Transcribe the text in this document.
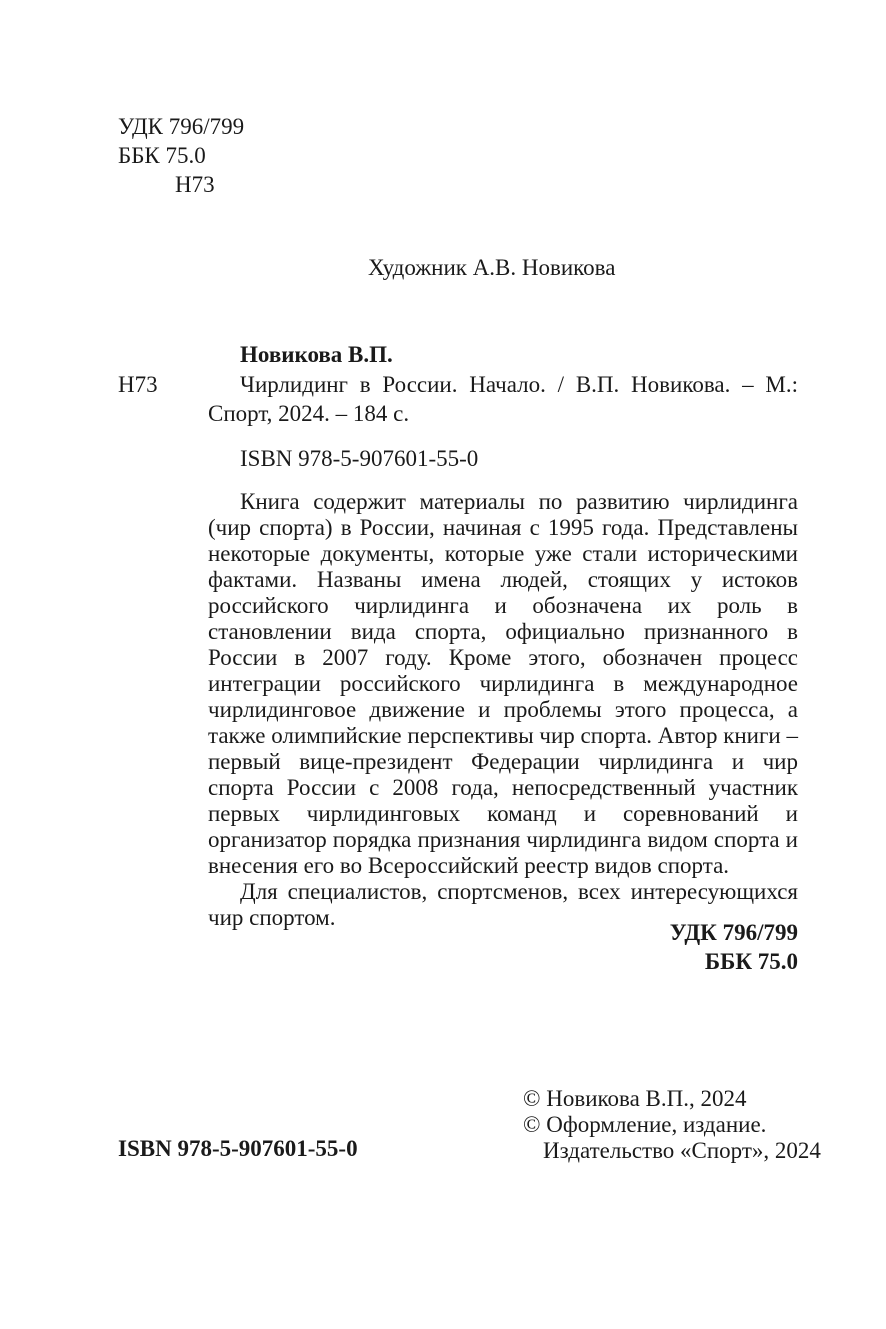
УДК 796/799
ББК 75.0
Н73
Художник А.В. Новикова
Новикова В.П.
Н73	Чирлидинг в России. Начало. / В.П. Новикова. – М.: Спорт, 2024. – 184 с.

ISBN 978-5-907601-55-0

Книга содержит материалы по развитию чирлидинга (чир спорта) в России, начиная с 1995 года. Представлены некоторые документы, которые уже стали историческими фактами. Названы имена людей, стоящих у истоков российского чирлидинга и обозначена их роль в становлении вида спорта, официально признанного в России в 2007 году. Кроме этого, обозначен процесс интеграции российского чирлидинга в международное чирлидинговое движение и проблемы этого процесса, а также олимпийские перспективы чир спорта. Автор книги – первый вице-президент Федерации чирлидинга и чир спорта России с 2008 года, непосредственный участник первых чирлидинговых команд и соревнований и организатор порядка признания чирлидинга видом спорта и внесения его во Всероссийский реестр видов спорта.

Для специалистов, спортсменов, всех интересующихся чир спортом.

УДК 796/799
ББК 75.0
ISBN 978-5-907601-55-0
© Новикова В.П., 2024
© Оформление, издание.
Издательство «Спорт», 2024
